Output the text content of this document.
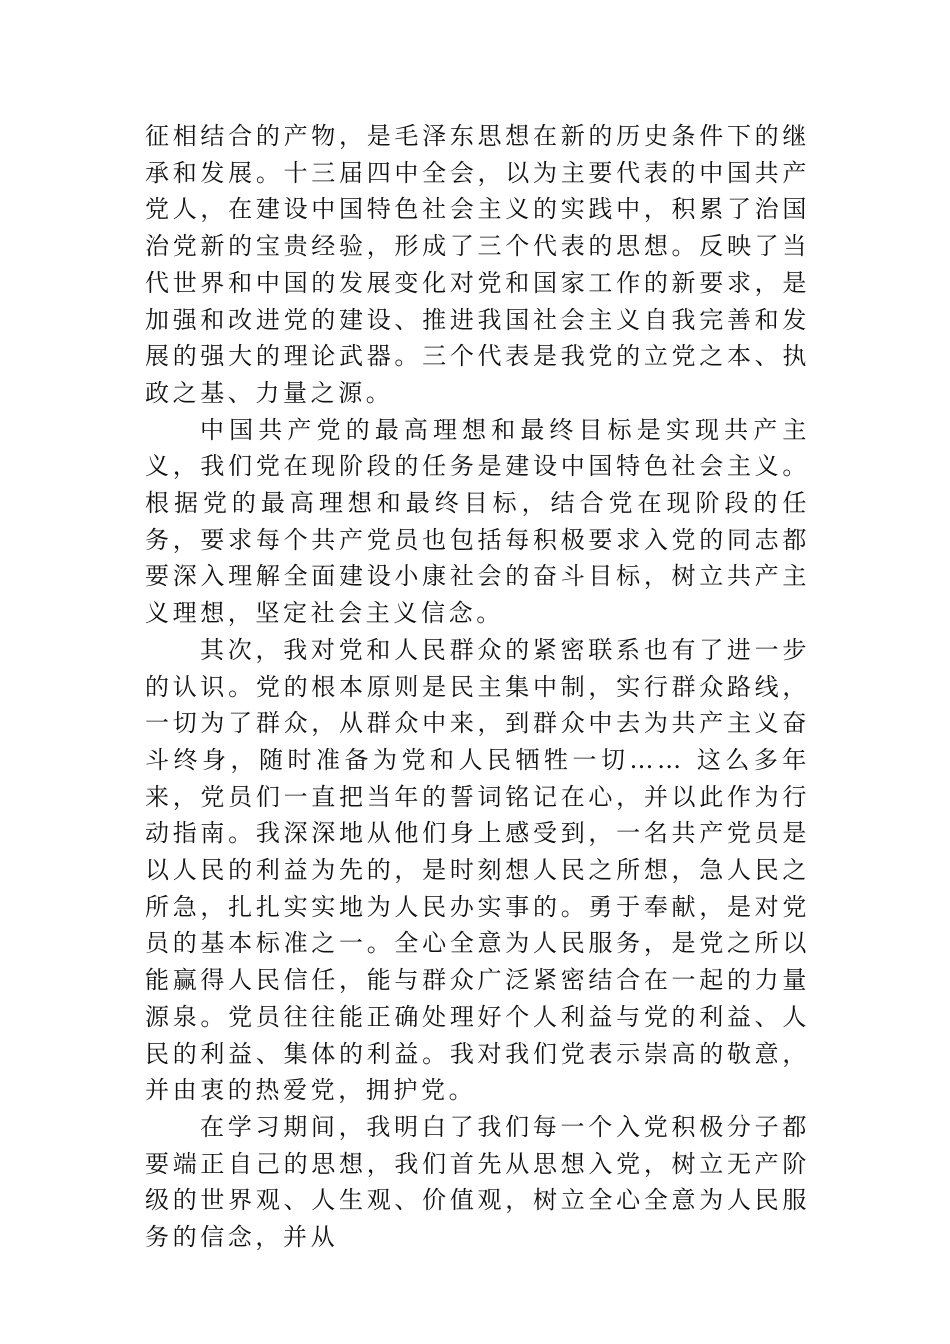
征相结合的产物，是毛泽东思想在新的历史条件下的继承和发展。十三届四中全会，以为主要代表的中国共产党人，在建设中国特色社会主义的实践中，积累了治国治党新的宝贵经验，形成了三个代表的思想。反映了当代世界和中国的发展变化对党和国家工作的新要求，是加强和改进党的建设、推进我国社会主义自我完善和发展的强大的理论武器。三个代表是我党的立党之本、执政之基、力量之源。

中国共产党的最高理想和最终目标是实现共产主义，我们党在现阶段的任务是建设中国特色社会主义。根据党的最高理想和最终目标，结合党在现阶段的任务，要求每个共产党员也包括每积极要求入党的同志都要深入理解全面建设小康社会的奋斗目标，树立共产主义理想，坚定社会主义信念。

其次，我对党和人民群众的紧密联系也有了进一步的认识。党的根本原则是民主集中制，实行群众路线，一切为了群众，从群众中来，到群众中去为共产主义奋斗终身，随时准备为党和人民牺牲一切…… 这么多年来，党员们一直把当年的誓词铭记在心，并以此作为行动指南。我深深地从他们身上感受到，一名共产党员是以人民的利益为先的，是时刻想人民之所想，急人民之所急，扎扎实实地为人民办实事的。勇于奉献，是对党员的基本标准之一。全心全意为人民服务，是党之所以能赢得人民信任，能与群众广泛紧密结合在一起的力量源泉。党员往往能正确处理好个人利益与党的利益、人民的利益、集体的利益。我对我们党表示崇高的敬意，并由衷的热爱党，拥护党。

在学习期间，我明白了我们每一个入党积极分子都要端正自己的思想，我们首先从思想入党，树立无产阶级的世界观、人生观、价值观，树立全心全意为人民服务的信念，并从
